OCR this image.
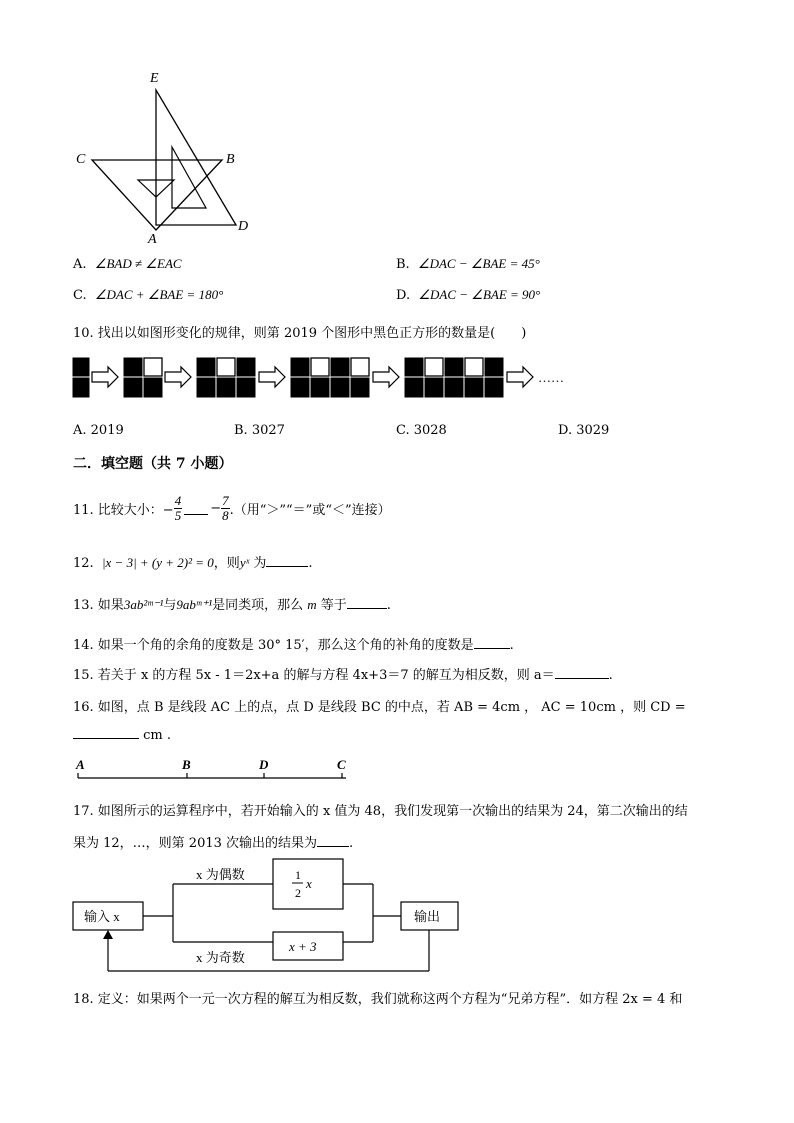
E
C	B
A
D
A. ∠BAD ≠ ∠EAC	B. ∠DAC − ∠BAE = 45°
C. ∠DAC + ∠BAE = 180°	D. ∠DAC − ∠BAE = 90°
10. 找出以如图形变化的规律，则第 2019 个图形中黑色正方形的数量是(　　)
……
A. 2019	B. 3027	C. 3028	D. 3029
二．填空题（共 7 小题）
11. 比较大小：− $\frac{4}{5} - \frac{7}{8}$ .（用“＞”“＝”或“＜”连接）
12. |x − 3| + (y + 2)² = 0，则yˣ 为	.
13. 如果3ab²ᵐ⁻¹与9abᵐ⁺¹是同类项，那么 m 等于	.
14. 如果一个角的余角的度数是 30° 15′，那么这个角的补角的度数是	.
15. 若关于 x 的方程 5x - 1＝2x+a 的解与方程 4x+3＝7 的解互为相反数，则 a＝	.
16. 如图，点 B 是线段 AC 上的点，点 D 是线段 BC 的中点，若 AB = 4cm ， AC = 10cm ，则 CD =
cm .
A	B	D	C
17. 如图所示的运算程序中，若开始输入的 x 值为 48，我们发现第一次输出的结果为 24，第二次输出的结
果为 12，…，则第 2013 次输出的结果为 .
输入 x
x 为偶数
x 为奇数
1
2
x
x + 3
输出
18. 定义：如果两个一元一次方程的解互为相反数，我们就称这两个方程为“兄弟方程”．如方程 2x = 4 和
